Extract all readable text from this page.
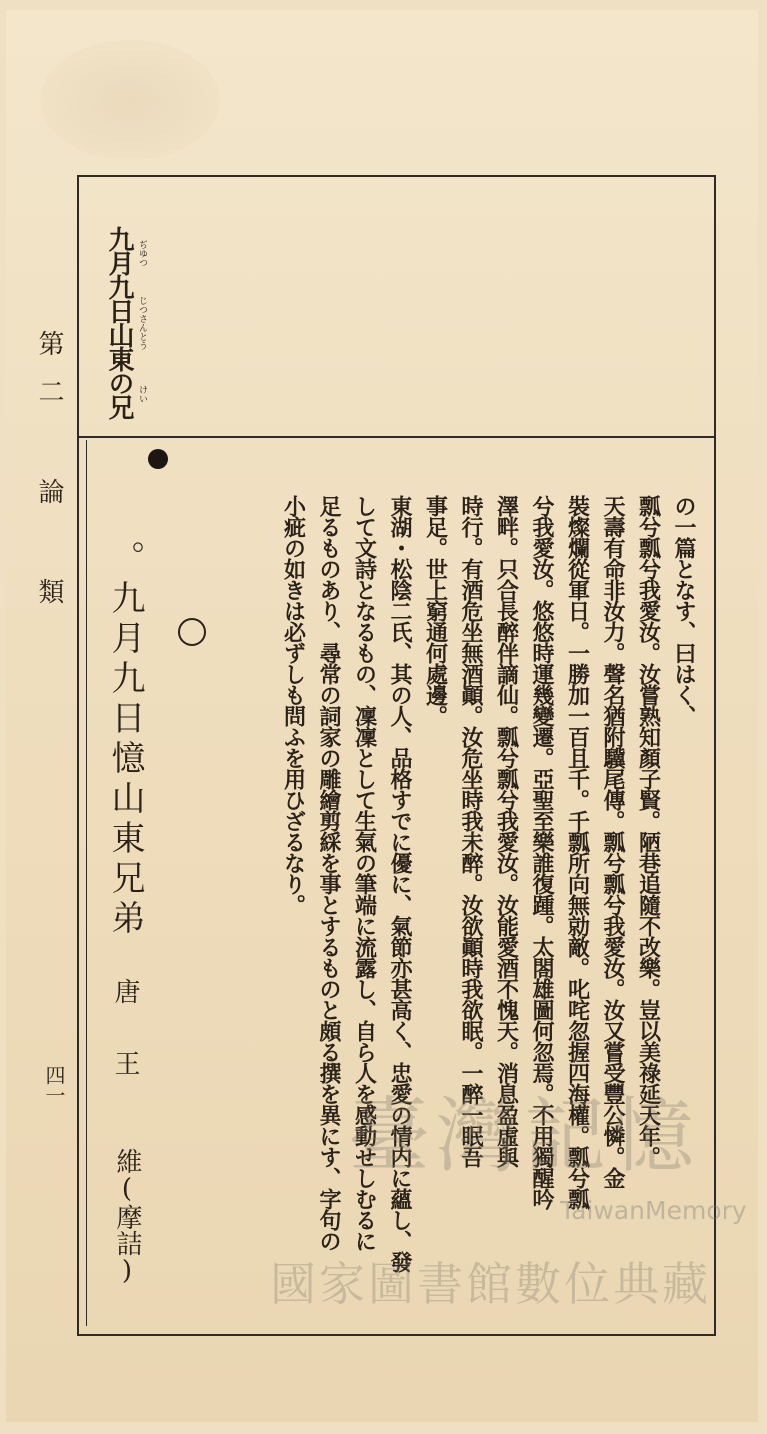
第二 論 類
四一
九月九日山東の兄 ぢゆつ
じつさんとう
けい
。九月九日憶山東兄弟
唐 王
維(摩詰)
の一篇となす、曰はく、
瓢兮瓢兮我愛汝。汝嘗熟知顏子賢。陋巷追隨不改樂。豈以美祿延天年。
天壽有命非汝力。聲名猶附驥尾傳。瓢兮瓢兮我愛汝。汝又嘗受豐公憐。金
裝燦爛從軍日。一勝加一百且千。千瓢所向無勍敵。叱咤忽握四海權。瓢兮瓢
兮我愛汝。悠悠時運幾變遷。亞聖至樂誰復踵。太閤雄圖何忽焉。不用獨醒吟
澤畔。只合長醉伴謫仙。瓢兮瓢兮我愛汝。汝能愛酒不愧天。消息盈虛與
時行。有酒危坐無酒顚。汝危坐時我未醉。汝欲顚時我欲眠。一醉一眠吾
事足。世上窮通何處邊。
東湖・松陰二氏、其の人、品格すでに優に、氣節亦甚高く、忠愛の情内に蘊し、發
して文詩となるもの、凜凜として生氣の筆端に流露し、自ら人を感動せしむるに
足るものあり、尋常の詞家の雕繪剪綵を事とするものと頗る撰を異にす、字句の
小疵の如きは必ずしも問ふを用ひざるなり。
臺灣記憶
TaiwanMemory
國家圖書館數位典藏
